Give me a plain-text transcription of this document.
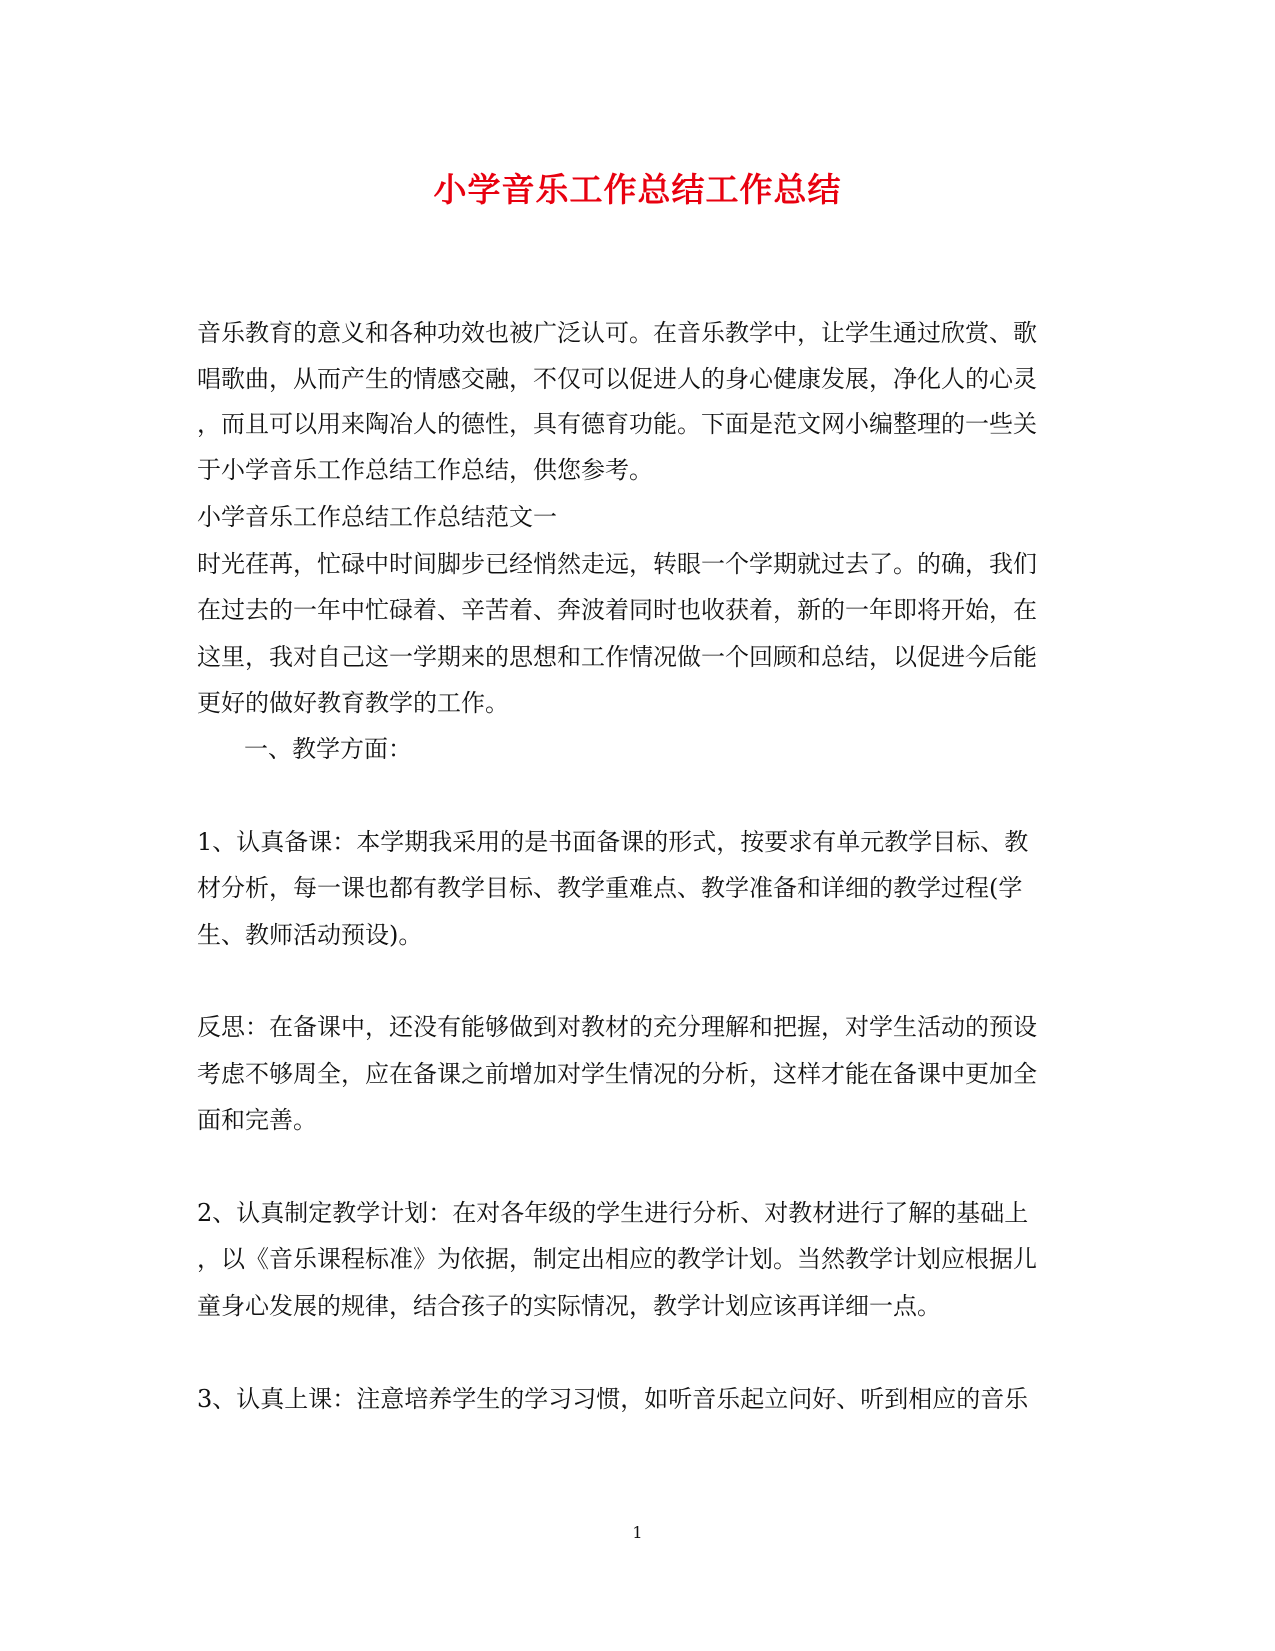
小学音乐工作总结工作总结
音乐教育的意义和各种功效也被广泛认可。在音乐教学中，让学生通过欣赏、歌
唱歌曲，从而产生的情感交融，不仅可以促进人的身心健康发展，净化人的心灵
，而且可以用来陶冶人的德性，具有德育功能。下面是范文网小编整理的一些关
于小学音乐工作总结工作总结，供您参考。
小学音乐工作总结工作总结范文一
时光荏苒，忙碌中时间脚步已经悄然走远，转眼一个学期就过去了。的确，我们
在过去的一年中忙碌着、辛苦着、奔波着同时也收获着，新的一年即将开始，在
这里，我对自己这一学期来的思想和工作情况做一个回顾和总结，以促进今后能
更好的做好教育教学的工作。
一、教学方面：
1、认真备课：本学期我采用的是书面备课的形式，按要求有单元教学目标、教
材分析，每一课也都有教学目标、教学重难点、教学准备和详细的教学过程(学
生、教师活动预设)。
反思：在备课中，还没有能够做到对教材的充分理解和把握，对学生活动的预设
考虑不够周全，应在备课之前增加对学生情况的分析，这样才能在备课中更加全
面和完善。
2、认真制定教学计划：在对各年级的学生进行分析、对教材进行了解的基础上
，以《音乐课程标准》为依据，制定出相应的教学计划。当然教学计划应根据儿
童身心发展的规律，结合孩子的实际情况，教学计划应该再详细一点。
3、认真上课：注意培养学生的学习习惯，如听音乐起立问好、听到相应的音乐
1
